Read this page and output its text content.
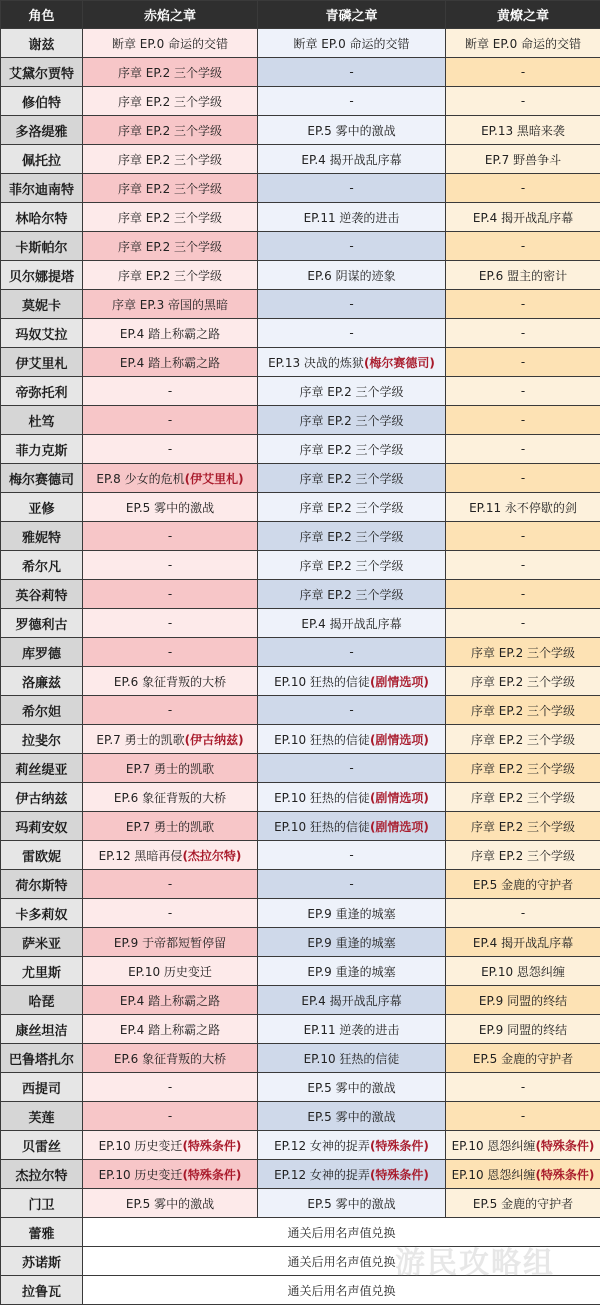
角色	赤焰之章	青磷之章	黄燎之章
谢兹	断章 EP.0 命运的交错	断章 EP.0 命运的交错	断章 EP.0 命运的交错
艾黛尔贾特	序章 EP.2 三个学级	-	-
修伯特	序章 EP.2 三个学级	-	-
多洛缇雅	序章 EP.2 三个学级	EP.5 雾中的激战	EP.13 黑暗来袭
佩托拉	序章 EP.2 三个学级	EP.4 揭开战乱序幕	EP.7 野兽争斗
菲尔迪南特	序章 EP.2 三个学级	-	-
林哈尔特	序章 EP.2 三个学级	EP.11 逆袭的进击	EP.4 揭开战乱序幕
卡斯帕尔	序章 EP.2 三个学级	-	-
贝尔娜提塔	序章 EP.2 三个学级	EP.6 阴谋的迹象	EP.6 盟主的密计
莫妮卡	序章 EP.3 帝国的黑暗	-	-
玛奴艾拉	EP.4 踏上称霸之路	-	-
伊艾里札	EP.4 踏上称霸之路	EP.13 决战的炼狱(梅尔赛德司)	-
帝弥托利	-	序章 EP.2 三个学级	-
杜笃	-	序章 EP.2 三个学级	-
菲力克斯	-	序章 EP.2 三个学级	-
梅尔赛德司	EP.8 少女的危机(伊艾里札)	序章 EP.2 三个学级	-
亚修	EP.5 雾中的激战	序章 EP.2 三个学级	EP.11 永不停歇的剑
雅妮特	-	序章 EP.2 三个学级	-
希尔凡	-	序章 EP.2 三个学级	-
英谷莉特	-	序章 EP.2 三个学级	-
罗德利古	-	EP.4 揭开战乱序幕	-
库罗德	-	-	序章 EP.2 三个学级
洛廉兹	EP.6 象征背叛的大桥	EP.10 狂热的信徒(剧情选项)	序章 EP.2 三个学级
希尔妲	-	-	序章 EP.2 三个学级
拉斐尔	EP.7 勇士的凯歌(伊古纳兹)	EP.10 狂热的信徒(剧情选项)	序章 EP.2 三个学级
莉丝缇亚	EP.7 勇士的凯歌	-	序章 EP.2 三个学级
伊古纳兹	EP.6 象征背叛的大桥	EP.10 狂热的信徒(剧情选项)	序章 EP.2 三个学级
玛莉安奴	EP.7 勇士的凯歌	EP.10 狂热的信徒(剧情选项)	序章 EP.2 三个学级
雷欧妮	EP.12 黑暗再侵(杰拉尔特)	-	序章 EP.2 三个学级
荷尔斯特	-	-	EP.5 金鹿的守护者
卡多莉奴	-	EP.9 重逢的城塞	-
萨米亚	EP.9 于帝都短暂停留	EP.9 重逢的城塞	EP.4 揭开战乱序幕
尤里斯	EP.10 历史变迁	EP.9 重逢的城塞	EP.10 恩怨纠缠
哈琵	EP.4 踏上称霸之路	EP.4 揭开战乱序幕	EP.9 同盟的终结
康丝坦洁	EP.4 踏上称霸之路	EP.11 逆袭的进击	EP.9 同盟的终结
巴鲁塔扎尔	EP.6 象征背叛的大桥	EP.10 狂热的信徒	EP.5 金鹿的守护者
西提司	-	EP.5 雾中的激战	-
芙莲	-	EP.5 雾中的激战	-
贝雷丝	EP.10 历史变迁(特殊条件)	EP.12 女神的捉弄(特殊条件)	EP.10 恩怨纠缠(特殊条件)
杰拉尔特	EP.10 历史变迁(特殊条件)	EP.12 女神的捉弄(特殊条件)	EP.10 恩怨纠缠(特殊条件)
门卫	EP.5 雾中的激战	EP.5 雾中的激战	EP.5 金鹿的守护者
蕾雅	通关后用名声值兑换		
苏诺斯	通关后用名声值兑换		
拉鲁瓦	通关后用名声值兑换		
